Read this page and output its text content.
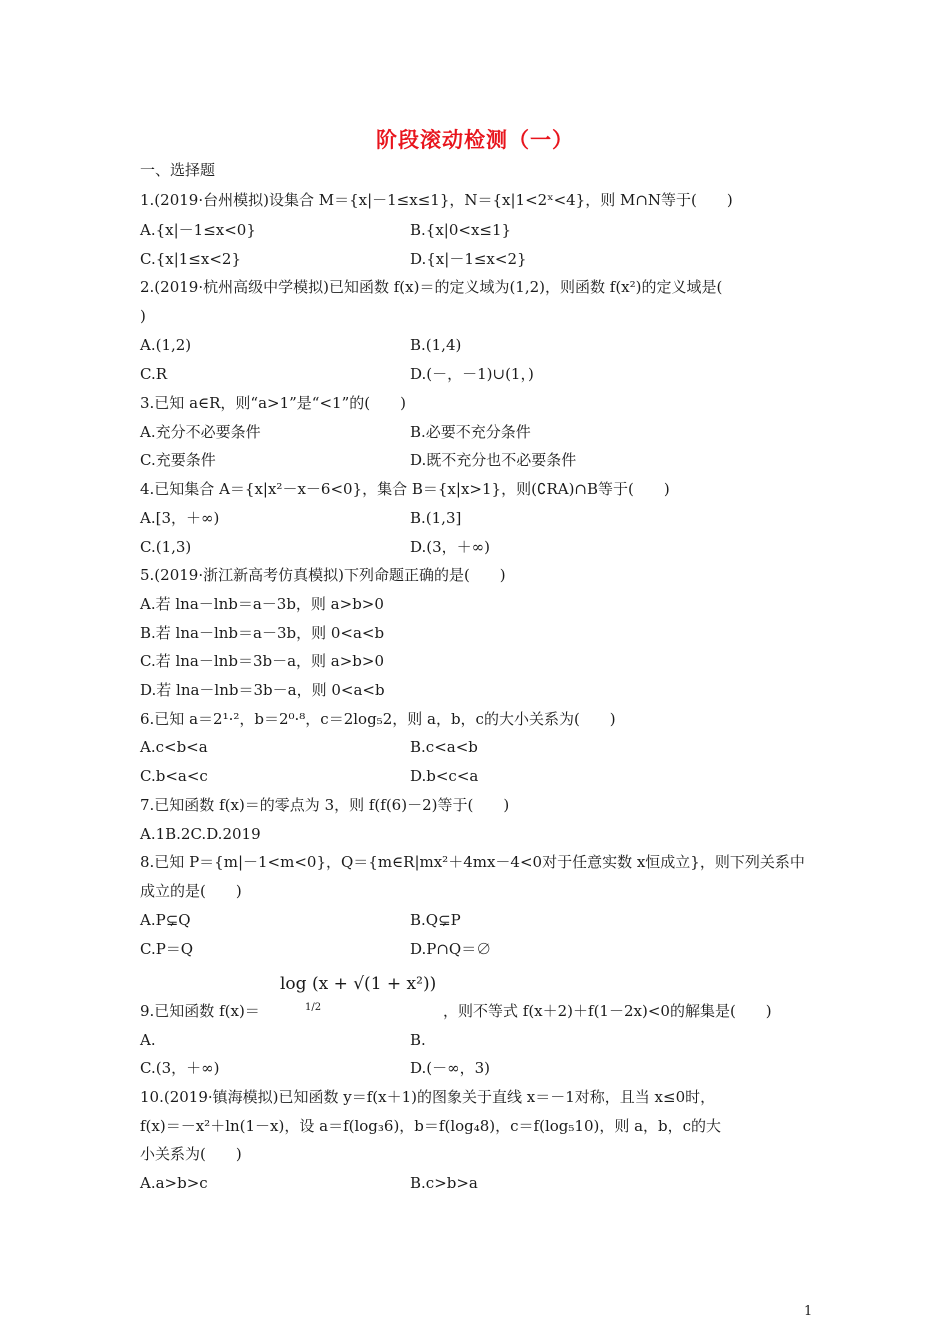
阶段滚动检测（一）
一、选择题
1.(2019·台州模拟)设集合 M＝{x|－1≤x≤1}，N＝{x|1<2ˣ<4}，则 M∩N等于(　　)
A.{x|－1≤x<0}	B.{x|0<x≤1}
C.{x|1≤x<2}	D.{x|－1≤x<2}
2.(2019·杭州高级中学模拟)已知函数 f(x)＝的定义域为(1,2)，则函数 f(x²)的定义域是(
)
A.(1,2)	B.(1,4)
C.R	D.(－，－1)∪(1，)
3.已知 a∈R，则“a>1”是“<1”的(　　)
A.充分不必要条件	B.必要不充分条件
C.充要条件	D.既不充分也不必要条件
4.已知集合 A＝{x|x²－x－6<0}，集合 B＝{x|x>1}，则(∁RA)∩B等于(　　)
A.[3，＋∞)	B.(1,3]
C.(1,3)	D.(3，＋∞)
5.(2019·浙江新高考仿真模拟)下列命题正确的是(　　)
A.若 lna－lnb＝a－3b，则 a>b>0
B.若 lna－lnb＝a－3b，则 0<a<b
C.若 lna－lnb＝3b－a，则 a>b>0
D.若 lna－lnb＝3b－a，则 0<a<b
6.已知 a＝2¹·²，b＝2⁰·⁸，c＝2log₅2，则 a，b，c的大小关系为(　　)
A.c<b<a	B.c<a<b
C.b<a<c	D.b<c<a
7.已知函数 f(x)＝的零点为 3，则 f(f(6)－2)等于(　　)
A.1B.2C.D.2019
8.已知 P＝{m|－1<m<0}，Q＝{m∈R|mx²＋4mx－4<0对于任意实数 x恒成立}，则下列关系中
成立的是(　　)
A.P⊊Q	B.Q⊊P
C.P＝Q	D.P∩Q＝∅
log (x + √(1 + x²))
1/2
9.已知函数 f(x)＝	，则不等式 f(x＋2)＋f(1－2x)<0的解集是(　　)
A.	B.
C.(3，＋∞)	D.(－∞，3)
10.(2019·镇海模拟)已知函数 y＝f(x＋1)的图象关于直线 x＝－1对称，且当 x≤0时，
f(x)＝－x²＋ln(1－x)，设 a＝f(log₃6)，b＝f(log₄8)，c＝f(log₅10)，则 a，b，c的大
小关系为(　　)
A.a>b>c	B.c>b>a
1
